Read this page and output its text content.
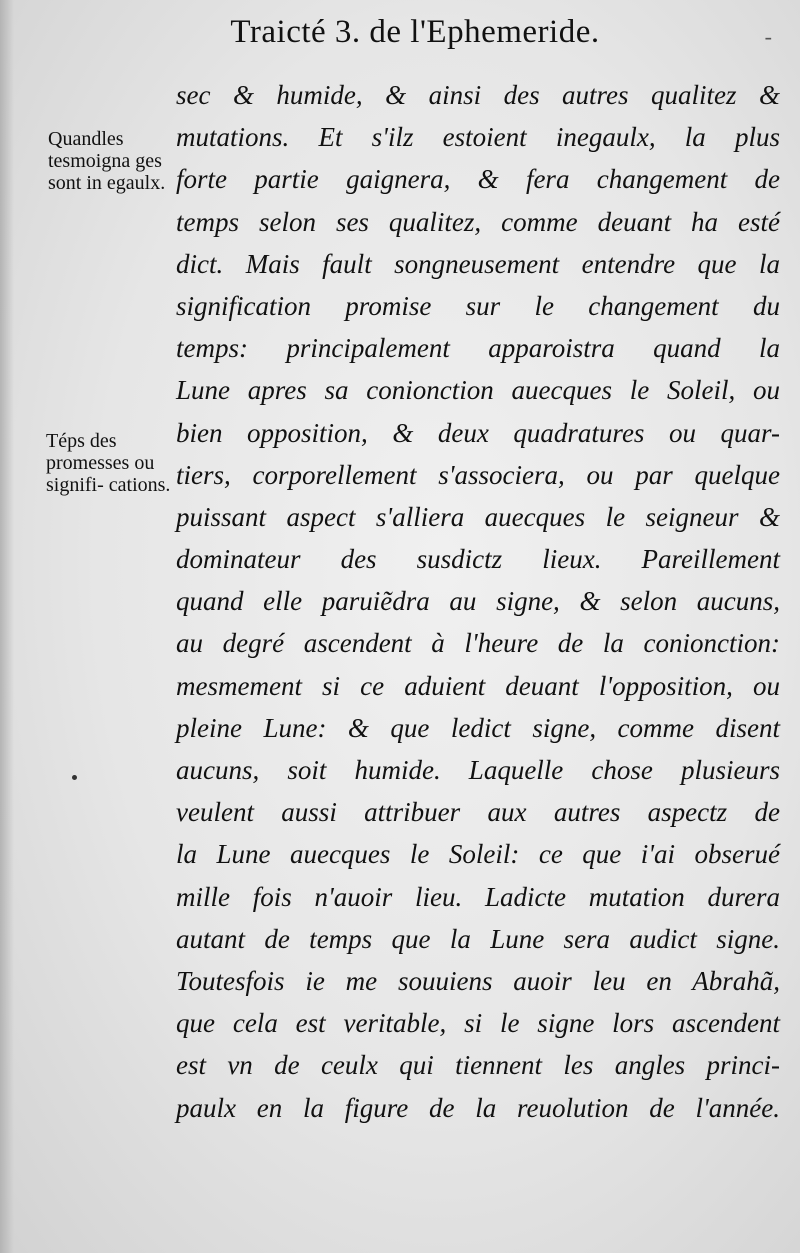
Traicté 3. de l'Ephemeride.	-

Quandles tesmoigna ges sont in egaulx.
Téps des promesses ou signifi- cations.
sec & humide, & ainsi des autres qualitez &
mutations. Et s'ilz estoient inegaulx, la plus
forte partie gaignera, & fera changement de
temps selon ses qualitez, comme deuant ha esté
dict. Mais fault songneusement entendre que la
signification promise sur le changement du
temps: principalement apparoistra quand la
Lune apres sa conionction auecques le Soleil, ou
bien opposition, & deux quadratures ou quar-
tiers, corporellement s'associera, ou par quelque
puissant aspect s'alliera auecques le seigneur &
dominateur des susdictz lieux. Pareillement
quand elle paruiẽdra au signe, & selon aucuns,
au degré ascendent à l'heure de la conionction:
mesmement si ce aduient deuant l'opposition, ou
pleine Lune: & que ledict signe, comme disent
aucuns, soit humide. Laquelle chose plusieurs
veulent aussi attribuer aux autres aspectz de
la Lune auecques le Soleil: ce que i'ai obserué
mille fois n'auoir lieu. Ladicte mutation durera
autant de temps que la Lune sera audict signe.
Toutesfois ie me souuiens auoir leu en Abrahã,
que cela est veritable, si le signe lors ascendent
est vn de ceulx qui tiennent les angles princi-
paulx en la figure de la reuolution de l'année.
